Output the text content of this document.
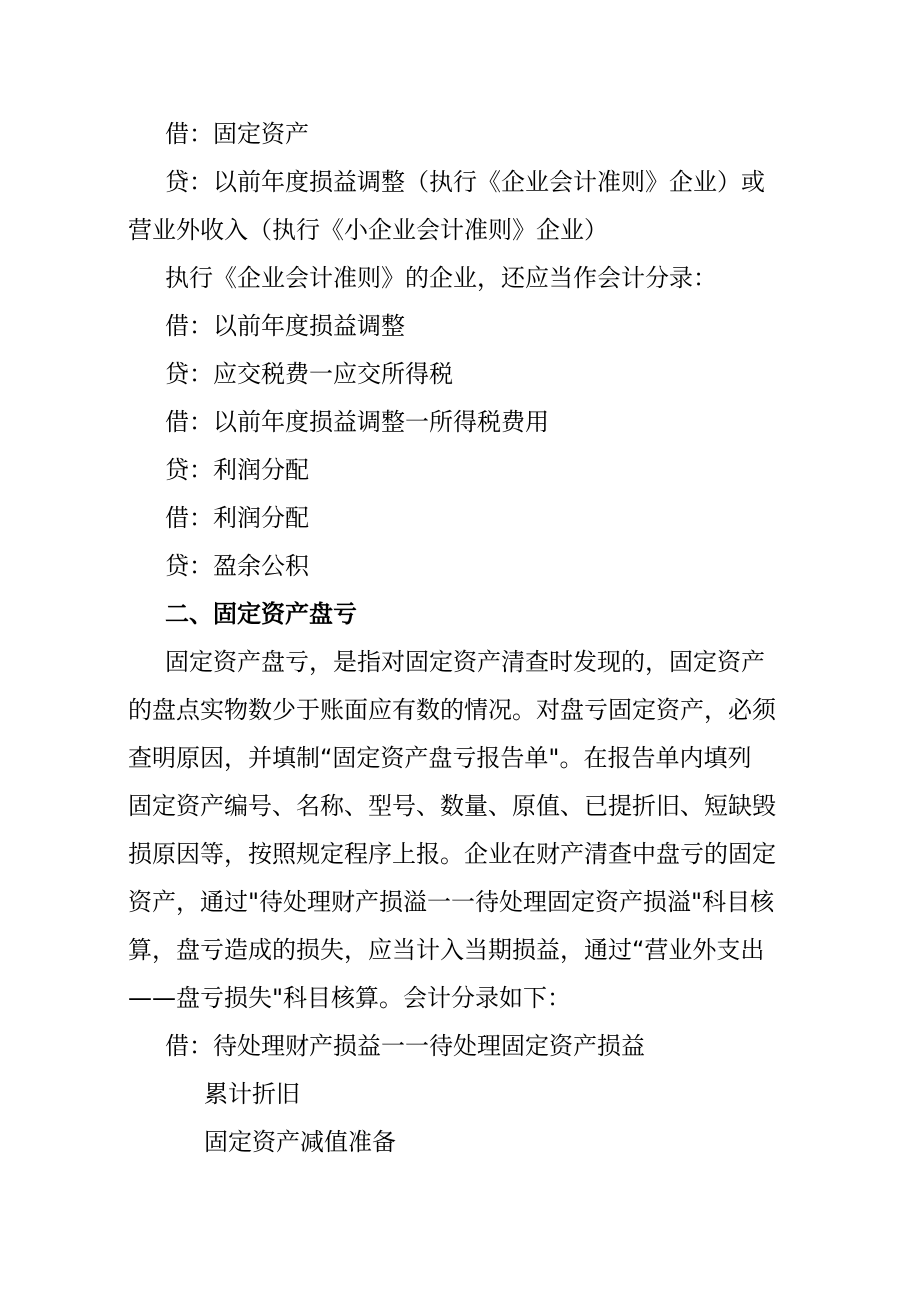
借：固定资产
贷：以前年度损益调整（执行《企业会计准则》企业）或
营业外收入（执行《小企业会计准则》企业）
执行《企业会计准则》的企业，还应当作会计分录：
借：以前年度损益调整
贷：应交税费一应交所得税
借：以前年度损益调整一所得税费用
贷：利润分配
借：利润分配
贷：盈余公积
二、固定资产盘亏
固定资产盘亏，是指对固定资产清查时发现的，固定资产
的盘点实物数少于账面应有数的情况。对盘亏固定资产，必须
查明原因，并填制“固定资产盘亏报告单"。在报告单内填列
固定资产编号、名称、型号、数量、原值、已提折旧、短缺毁
损原因等，按照规定程序上报。企业在财产清查中盘亏的固定
资产，通过"待处理财产损溢一一待处理固定资产损溢"科目核
算，盘亏造成的损失，应当计入当期损益，通过“营业外支出
——盘亏损失"科目核算。会计分录如下：
借：待处理财产损益一一待处理固定资产损益
累计折旧
固定资产减值准备
